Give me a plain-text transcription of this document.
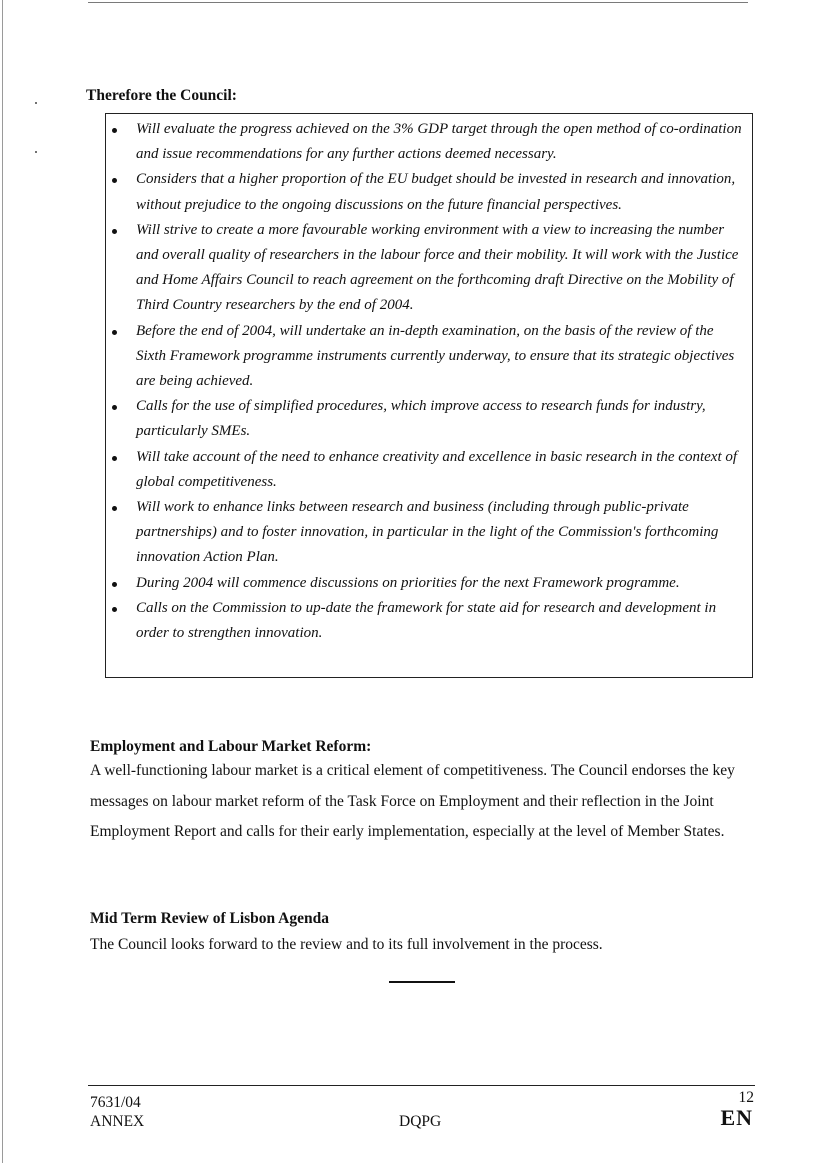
Therefore the Council:
Will evaluate the progress achieved on the 3% GDP target through the open method of co-ordination and issue recommendations for any further actions deemed necessary.
Considers that a higher proportion of the EU budget should be invested in research and innovation, without prejudice to the ongoing discussions on the future financial perspectives.
Will strive to create a more favourable working environment with a view to increasing the number and overall quality of researchers in the labour force and their mobility. It will work with the Justice and Home Affairs Council to reach agreement on the forthcoming draft Directive on the Mobility of Third Country researchers by the end of 2004.
Before the end of 2004, will undertake an in-depth examination, on the basis of the review of the Sixth Framework programme instruments currently underway, to ensure that its strategic objectives are being achieved.
Calls for the use of simplified procedures, which improve access to research funds for industry, particularly SMEs.
Will take account of the need to enhance creativity and excellence in basic research in the context of global competitiveness.
Will work to enhance links between research and business (including through public-private partnerships) and to foster innovation, in particular in the light of the Commission's forthcoming innovation Action Plan.
During 2004 will commence discussions on priorities for the next Framework programme.
Calls on the Commission to up-date the framework for state aid for research and development in order to strengthen innovation.
Employment and Labour Market Reform:

A well-functioning labour market is a critical element of competitiveness. The Council endorses the key messages on labour market reform of the Task Force on Employment and their reflection in the Joint Employment Report and calls for their early implementation, especially at the level of Member States.

Mid Term Review of Lisbon Agenda

The Council looks forward to the review and to its full involvement in the process.

7631/04
ANNEX	DQPG
12
EN
